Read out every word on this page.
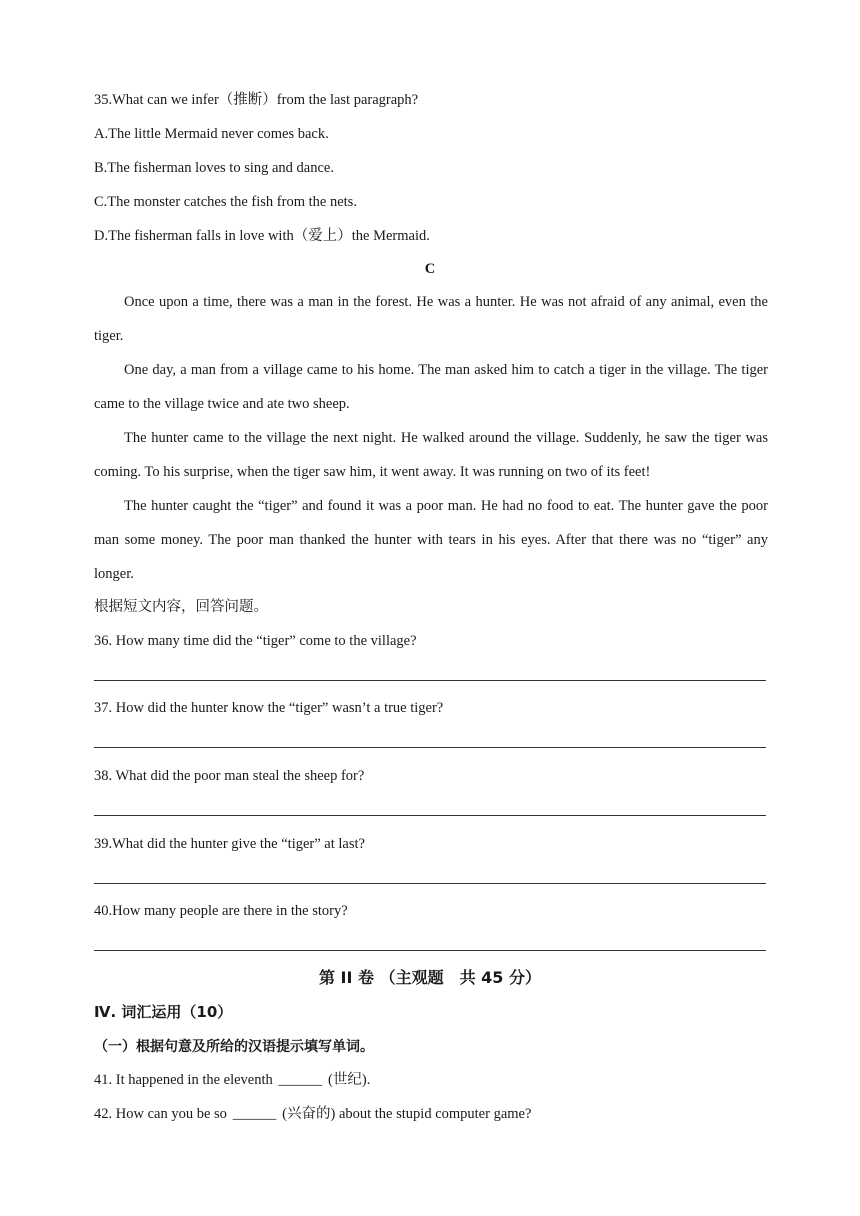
35.What can we infer（推断）from the last paragraph?
A.The little Mermaid never comes back.
B.The fisherman loves to sing and dance.
C.The monster catches the fish from the nets.
D.The fisherman falls in love with（爱上）the Mermaid.
C
Once upon a time, there was a man in the forest. He was a hunter. He was not afraid of any animal, even the tiger.
One day, a man from a village came to his home. The man asked him to catch a tiger in the village. The tiger came to the village twice and ate two sheep.
The hunter came to the village the next night. He walked around the village. Suddenly, he saw the tiger was coming. To his surprise, when the tiger saw him, it went away. It was running on two of its feet!
The hunter caught the “tiger” and found it was a poor man. He had no food to eat. The hunter gave the poor man some money. The poor man thanked the hunter with tears in his eyes. After that there was no “tiger” any longer.
根据短文内容，回答问题。
36. How many time did the “tiger” come to the village?
37. How did the hunter know the “tiger” wasn’t a true tiger?
38. What did the poor man steal the sheep for?
39.What did the hunter give the “tiger” at last?
40.How many people are there in the story?
第 II 卷 （主观题　共 45 分）
Ⅳ. 词汇运用（10）
（一）根据句意及所给的汉语提示填写单词。
41. It happened in the eleventh ______ (世纪).
42. How can you be so ______ (兴奋的) about the stupid computer game?
